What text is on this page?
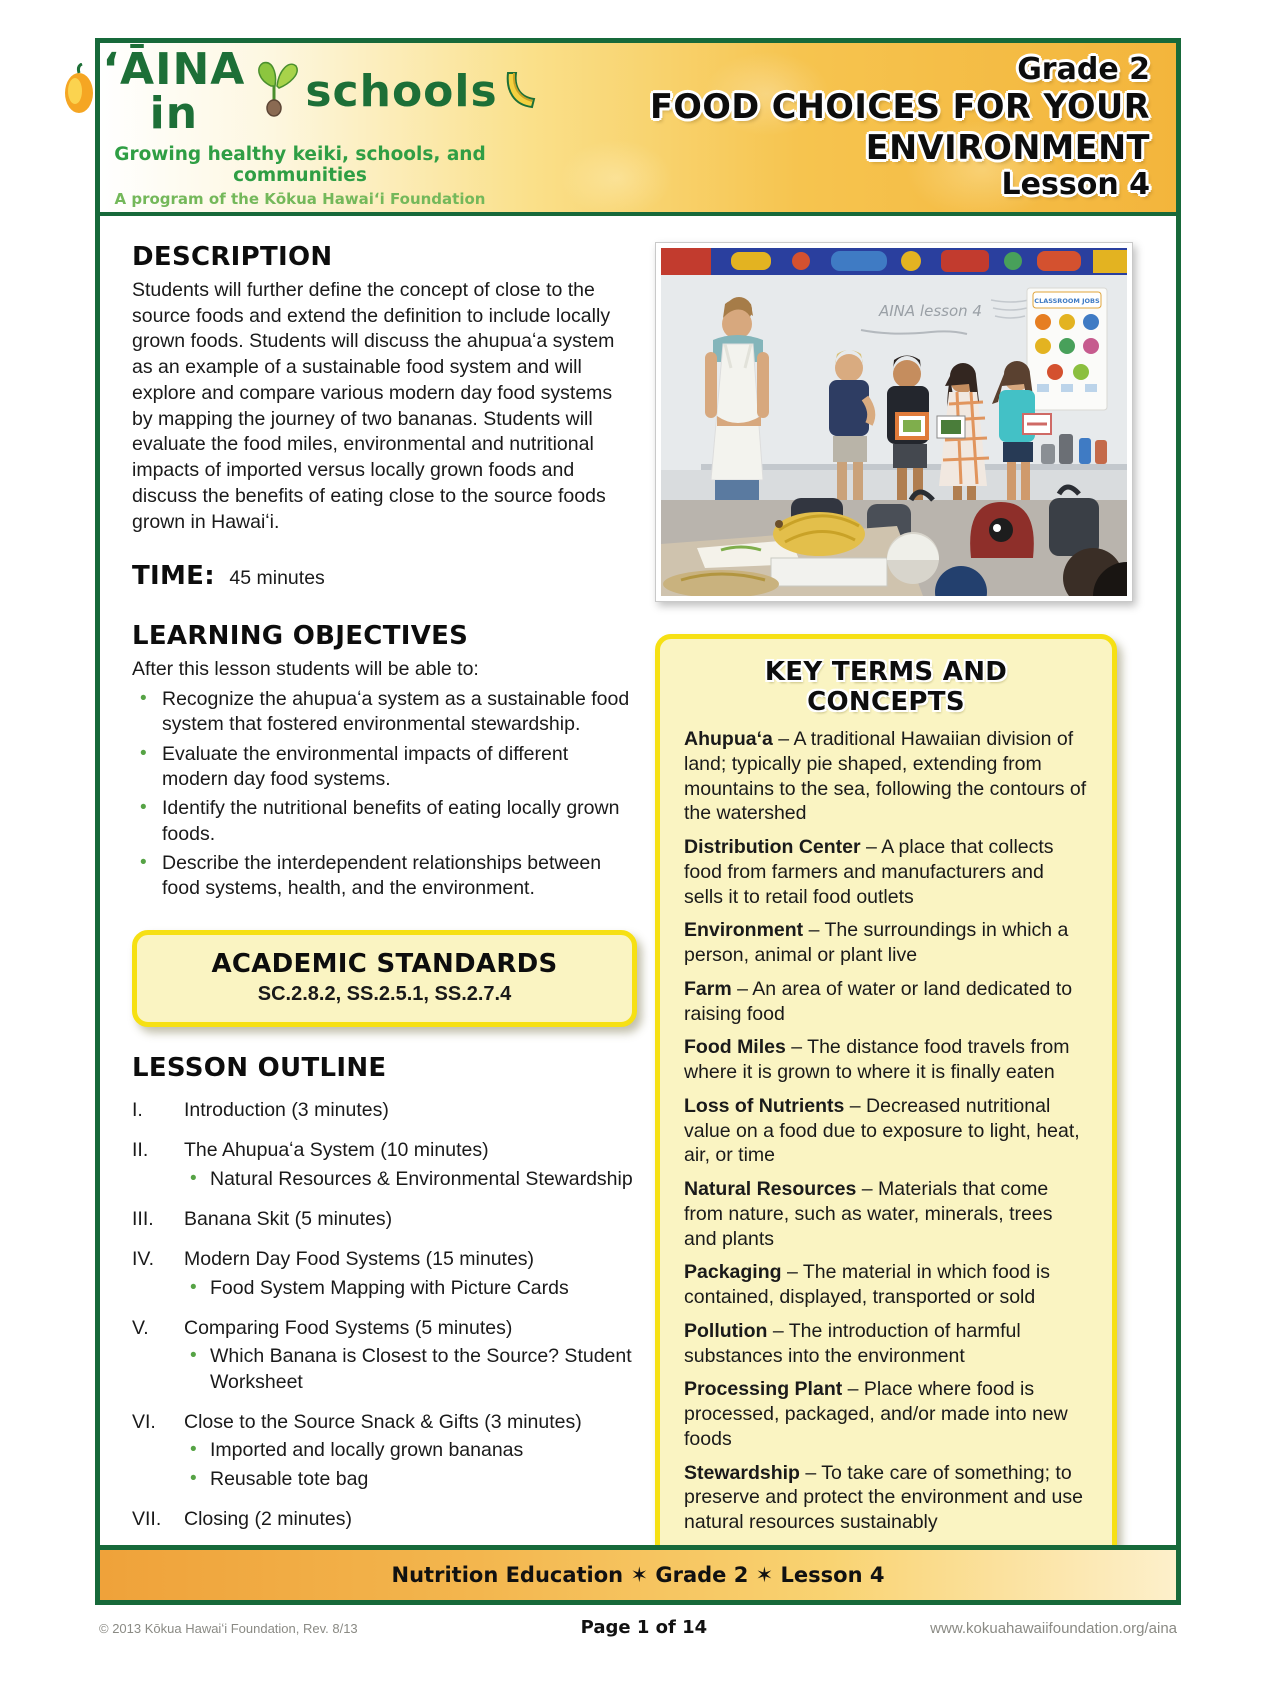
ʻĀINA in	schools
Growing healthy keiki, schools, and communities
A program of the Kōkua Hawaiʻi Foundation
Grade 2
FOOD CHOICES FOR YOUR ENVIRONMENT
Lesson 4
DESCRIPTION

Students will further define the concept of close to the source foods and extend the definition to include locally grown foods. Students will discuss the ahupuaʻa system as an example of a sustainable food system and will explore and compare various modern day food systems by mapping the journey of two bananas. Students will evaluate the food miles, environmental and nutritional impacts of imported versus locally grown foods and discuss the benefits of eating close to the source foods grown in Hawaiʻi.

TIME: 45 minutes
LEARNING OBJECTIVES

After this lesson students will be able to:

• Recognize the ahupuaʻa system as a sustainable food system that fostered environmental stewardship.
• Evaluate the environmental impacts of different modern day food systems.
• Identify the nutritional benefits of eating locally grown foods.
• Describe the interdependent relationships between food systems, health, and the environment.
ACADEMIC STANDARDS
SC.2.8.2, SS.2.5.1, SS.2.7.4
LESSON OUTLINE
I.	Introduction (3 minutes)
II.	The Ahupuaʻa System (10 minutes)
• Natural Resources & Environmental Stewardship
III.	Banana Skit (5 minutes)
IV.	Modern Day Food Systems (15 minutes)
• Food System Mapping with Picture Cards
V.	Comparing Food Systems (5 minutes)
• Which Banana is Closest to the Source? Student Worksheet
VI.	Close to the Source Snack & Gifts (3 minutes)
• Imported and locally grown bananas
• Reusable tote bag
VII.	Closing (2 minutes)
AINA lesson 4
CLASSROOM JOBS
KEY TERMS AND CONCEPTS

Ahupuaʻa – A traditional Hawaiian division of land; typically pie shaped, extending from mountains to the sea, following the contours of the watershed

Distribution Center – A place that collects food from farmers and manufacturers and sells it to retail food outlets

Environment – The surroundings in which a person, animal or plant live

Farm – An area of water or land dedicated to raising food

Food Miles – The distance food travels from where it is grown to where it is finally eaten

Loss of Nutrients – Decreased nutritional value on a food due to exposure to light, heat, air, or time

Natural Resources – Materials that come from nature, such as water, minerals, trees and plants

Packaging – The material in which food is contained, displayed, transported or sold

Pollution – The introduction of harmful substances into the environment

Processing Plant – Place where food is processed, packaged, and/or made into new foods

Stewardship – To take care of something; to preserve and protect the environment and use natural resources sustainably

Nutrition Education ✶ Grade 2 ✶ Lesson 4
© 2013 Kōkua Hawaiʻi Foundation, Rev. 8/13	Page 1 of 14	www.kokuahawaiifoundation.org/aina
